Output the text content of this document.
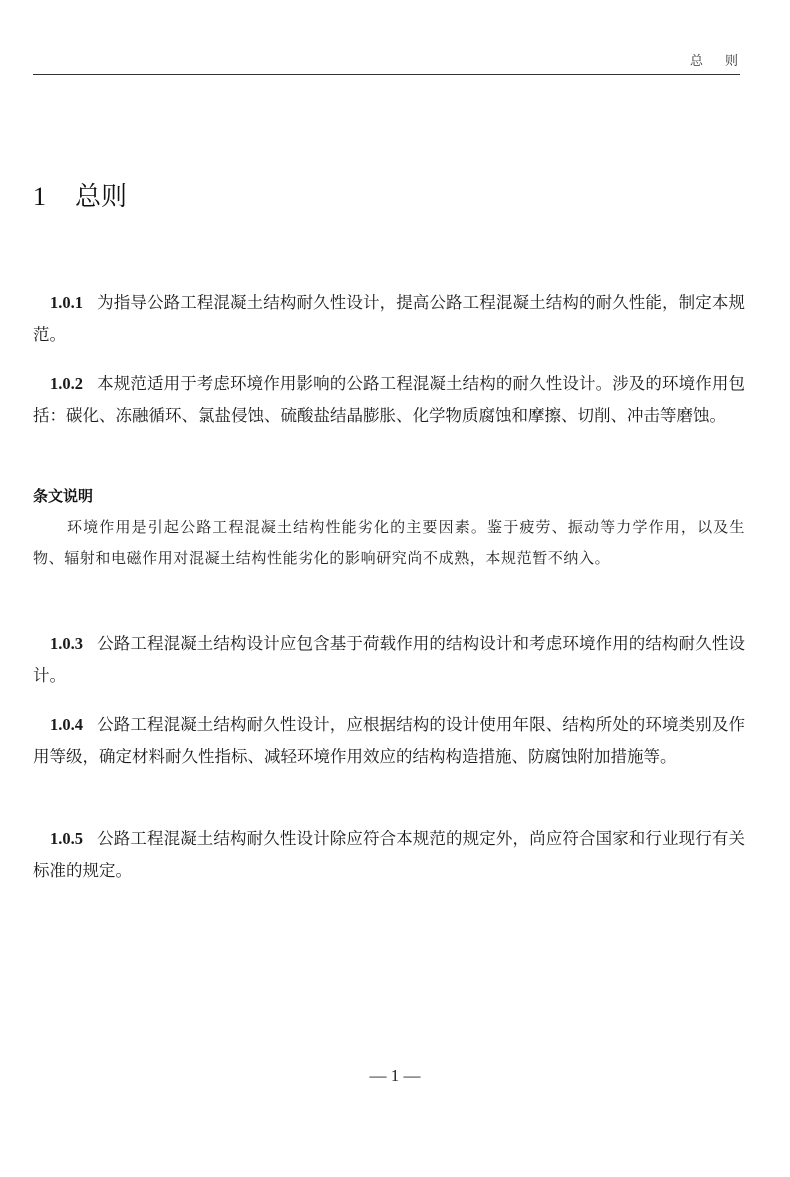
总则
1 总则

1.0.1 为指导公路工程混凝土结构耐久性设计，提高公路工程混凝土结构的耐久性能，制定本规范。

1.0.2 本规范适用于考虑环境作用影响的公路工程混凝土结构的耐久性设计。涉及的环境作用包括：碳化、冻融循环、氯盐侵蚀、硫酸盐结晶膨胀、化学物质腐蚀和摩擦、切削、冲击等磨蚀。

条文说明

环境作用是引起公路工程混凝土结构性能劣化的主要因素。鉴于疲劳、振动等力学作用，以及生物、辐射和电磁作用对混凝土结构性能劣化的影响研究尚不成熟，本规范暂不纳入。

1.0.3 公路工程混凝土结构设计应包含基于荷载作用的结构设计和考虑环境作用的结构耐久性设计。

1.0.4 公路工程混凝土结构耐久性设计，应根据结构的设计使用年限、结构所处的环境类别及作用等级，确定材料耐久性指标、减轻环境作用效应的结构构造措施、防腐蚀附加措施等。

1.0.5 公路工程混凝土结构耐久性设计除应符合本规范的规定外，尚应符合国家和行业现行有关标准的规定。

— 1 —
